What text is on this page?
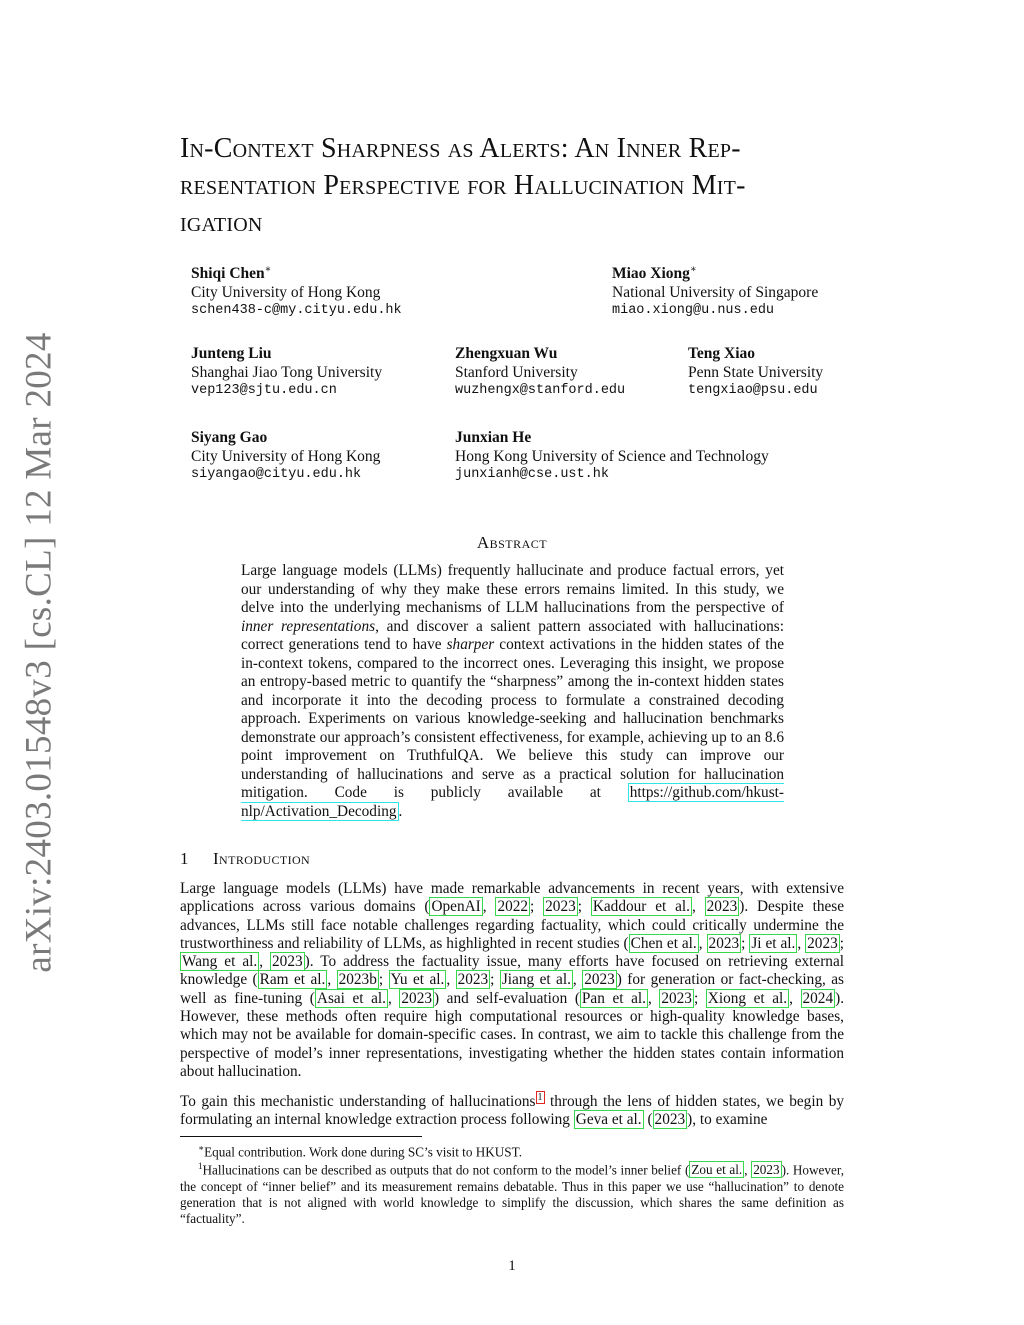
arXiv:2403.01548v3 [cs.CL] 12 Mar 2024
In-Context Sharpness as Alerts: An Inner Rep-
resentation Perspective for Hallucination Mit-
igation
Shiqi Chen∗
City University of Hong Kong
schen438-c@my.cityu.edu.hk
Miao Xiong∗
National University of Singapore
miao.xiong@u.nus.edu
Junteng Liu
Shanghai Jiao Tong University
vep123@sjtu.edu.cn
Zhengxuan Wu
Stanford University
wuzhengx@stanford.edu
Teng Xiao
Penn State University
tengxiao@psu.edu
Siyang Gao
City University of Hong Kong
siyangao@cityu.edu.hk
Junxian He
Hong Kong University of Science and Technology
junxianh@cse.ust.hk
Abstract

Large language models (LLMs) frequently hallucinate and produce factual errors, yet our understanding of why they make these errors remains limited. In this study, we delve into the underlying mechanisms of LLM hallucinations from the perspective of inner representations, and discover a salient pattern associated with hallucinations: correct generations tend to have sharper context activations in the hidden states of the in-context tokens, compared to the incorrect ones. Leveraging this insight, we propose an entropy-based metric to quantify the “sharpness” among the in-context hidden states and incorporate it into the decoding process to formulate a constrained decoding approach. Experiments on various knowledge-seeking and hallucination benchmarks demonstrate our approach’s consistent effectiveness, for example, achieving up to an 8.6 point improvement on TruthfulQA. We believe this study can improve our understanding of hallucinations and serve as a practical solution for hallucination mitigation. Code is publicly available at https://github.com/hkust-nlp/Activation_Decoding .

1 Introduction

Large language models (LLMs) have made remarkable advancements in recent years, with extensive applications across various domains ( OpenAI , 2022 ; 2023 ; Kaddour et al. , 2023 ). Despite these advances, LLMs still face notable challenges regarding factuality, which could critically undermine the trustworthiness and reliability of LLMs, as highlighted in recent studies ( Chen et al. , 2023 ; Ji et al. , 2023 ; Wang et al. , 2023 ). To address the factuality issue, many efforts have focused on retrieving external knowledge ( Ram et al. , 2023b ; Yu et al. , 2023 ; Jiang et al. , 2023 ) for generation or fact-checking, as well as fine-tuning ( Asai et al. , 2023 ) and self-evaluation ( Pan et al. , 2023 ; Xiong et al. , 2024 ). However, these methods often require high computational resources or high-quality knowledge bases, which may not be available for domain-specific cases. In contrast, we aim to tackle this challenge from the perspective of model’s inner representations, investigating whether the hidden states contain information about hallucination.

To gain this mechanistic understanding of hallucinations $^1$ through the lens of hidden states, we begin by formulating an internal knowledge extraction process following Geva et al. ( 2023 ), to examine

∗Equal contribution. Work done during SC’s visit to HKUST.

$^1$Hallucinations can be described as outputs that do not conform to the model’s inner belief ( Zou et al. , 2023 ). However, the concept of “inner belief” and its measurement remains debatable. Thus in this paper we use “hallucination” to denote generation that is not aligned with world knowledge to simplify the discussion, which shares the same definition as “factuality”.

1
